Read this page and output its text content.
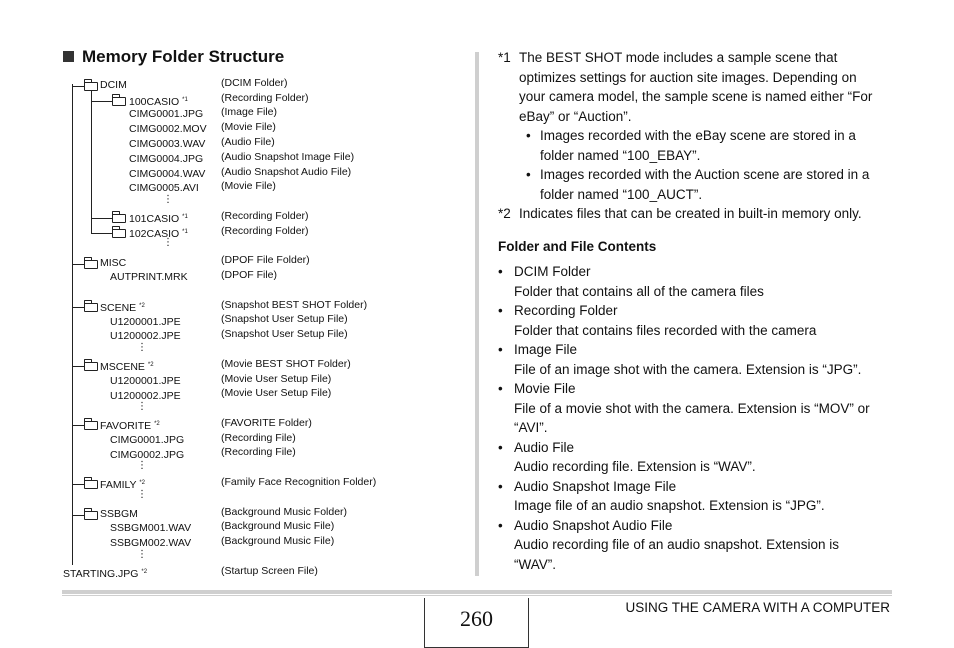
Memory Folder Structure
DCIM	(DCIM Folder)
100CASIO $^{*1}$	(Recording Folder)
CIMG0001.JPG (Image File)
CIMG0002.MOV (Movie File)
CIMG0003.WAV (Audio File)
CIMG0004.JPG (Audio Snapshot Image File)
CIMG0004.WAV (Audio Snapshot Audio File)
CIMG0005.AVI (Movie File)
101CASIO $^{*1}$	(Recording Folder)
102CASIO $^{*1}$	(Recording Folder)
MISC	(DPOF File Folder)
AUTPRINT.MRK	(DPOF File)
SCENE $^{*2}$	(Snapshot BEST SHOT Folder)
U1200001.JPE	(Snapshot User Setup File)
U1200002.JPE	(Snapshot User Setup File)
MSCENE $^{*2}$	(Movie BEST SHOT Folder)
U1200001.JPE	(Movie User Setup File)
U1200002.JPE	(Movie User Setup File)
FAVORITE $^{*2}$	(FAVORITE Folder)
CIMG0001.JPG	(Recording File)
CIMG0002.JPG	(Recording File)
FAMILY $^{*2}$	(Family Face Recognition Folder)
SSBGM	(Background Music Folder)
SSBGM001.WAV	(Background Music File)
SSBGM002.WAV	(Background Music File)
STARTING.JPG $^{*2}$	(Startup Screen File)
⋮
⋮
⋮
⋮
⋮
⋮
⋮
*1 The BEST SHOT mode includes a sample scene that
optimizes settings for auction site images. Depending on
your camera model, the sample scene is named either “For
eBay” or “Auction”.
• Images recorded with the eBay scene are stored in a
folder named “100_EBAY”.
• Images recorded with the Auction scene are stored in a
folder named “100_AUCT”.
*2 Indicates files that can be created in built-in memory only.
Folder and File Contents
• DCIM Folder
Folder that contains all of the camera files
• Recording Folder
Folder that contains files recorded with the camera
• Image File
File of an image shot with the camera. Extension is “JPG”.
• Movie File
File of a movie shot with the camera. Extension is “MOV” or
“AVI”.
• Audio File
Audio recording file. Extension is “WAV”.
• Audio Snapshot Image File
Image file of an audio snapshot. Extension is “JPG”.
• Audio Snapshot Audio File
Audio recording file of an audio snapshot. Extension is
“WAV”.
260	USING THE CAMERA WITH A COMPUTER
